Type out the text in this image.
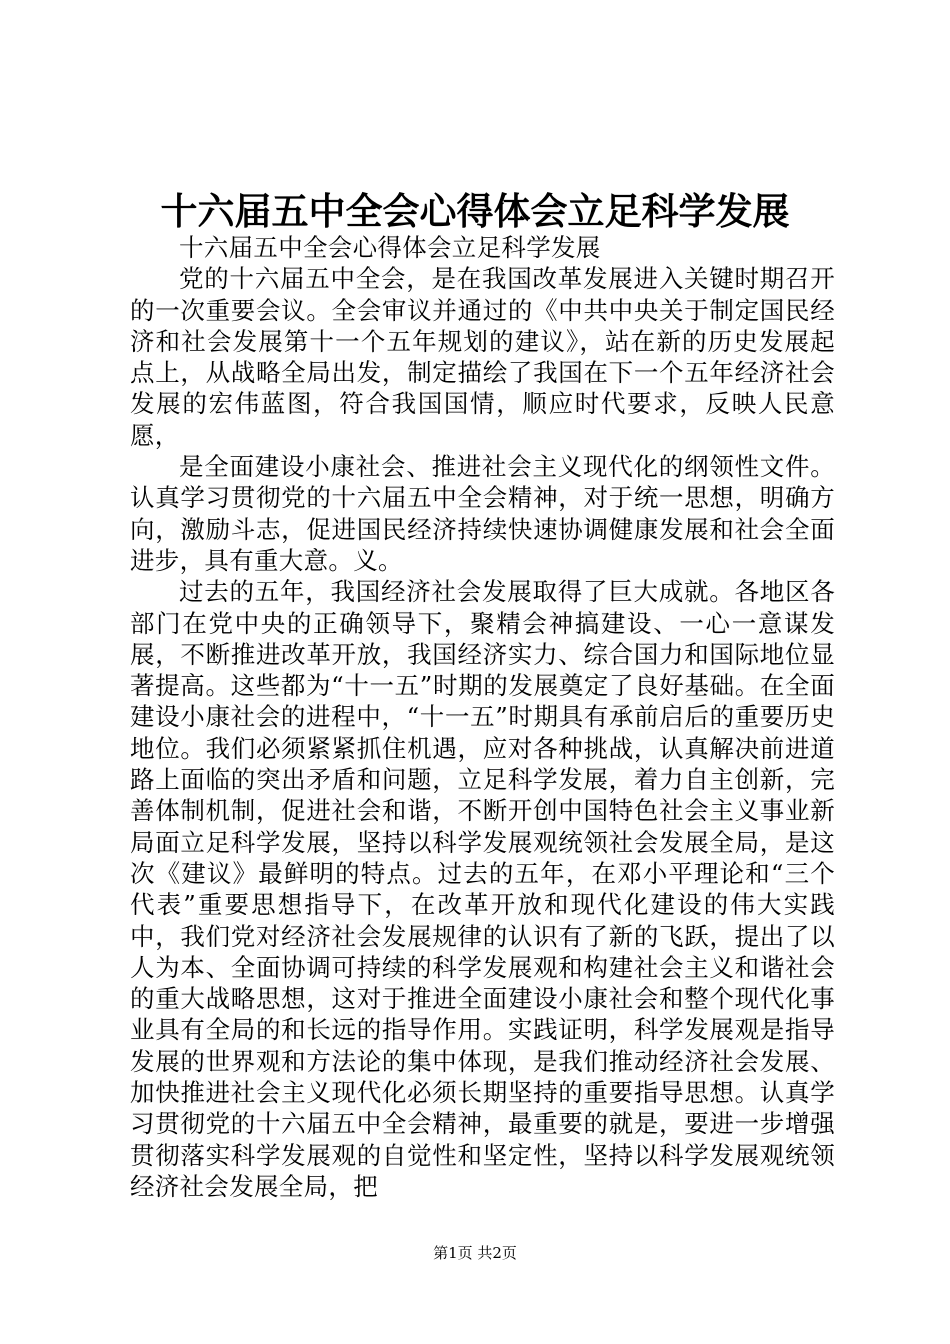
十六届五中全会心得体会立足科学发展

十六届五中全会心得体会立足科学发展

党的十六届五中全会，是在我国改革发展进入关键时期召开的一次重要会议。全会审议并通过的《中共中央关于制定国民经济和社会发展第十一个五年规划的建议》，站在新的历史发展起点上，从战略全局出发，制定描绘了我国在下一个五年经济社会发展的宏伟蓝图，符合我国国情，顺应时代要求，反映人民意愿，

是全面建设小康社会、推进社会主义现代化的纲领性文件。认真学习贯彻党的十六届五中全会精神，对于统一思想，明确方向，激励斗志，促进国民经济持续快速协调健康发展和社会全面进步，具有重大意。义。

过去的五年，我国经济社会发展取得了巨大成就。各地区各部门在党中央的正确领导下，聚精会神搞建设、一心一意谋发展，不断推进改革开放，我国经济实力、综合国力和国际地位显著提高。这些都为“十一五”时期的发展奠定了良好基础。在全面建设小康社会的进程中，“十一五”时期具有承前启后的重要历史地位。我们必须紧紧抓住机遇，应对各种挑战，认真解决前进道路上面临的突出矛盾和问题，立足科学发展，着力自主创新，完善体制机制，促进社会和谐，不断开创中国特色社会主义事业新局面立足科学发展，坚持以科学发展观统领社会发展全局，是这次《建议》最鲜明的特点。过去的五年，在邓小平理论和“三个代表”重要思想指导下，在改革开放和现代化建设的伟大实践中，我们党对经济社会发展规律的认识有了新的飞跃，提出了以人为本、全面协调可持续的科学发展观和构建社会主义和谐社会的重大战略思想，这对于推进全面建设小康社会和整个现代化事业具有全局的和长远的指导作用。实践证明，科学发展观是指导发展的世界观和方法论的集中体现，是我们推动经济社会发展、加快推进社会主义现代化必须长期坚持的重要指导思想。认真学习贯彻党的十六届五中全会精神，最重要的就是，要进一步增强贯彻落实科学发展观的自觉性和坚定性，坚持以科学发展观统领经济社会发展全局，把

第1页 共2页
